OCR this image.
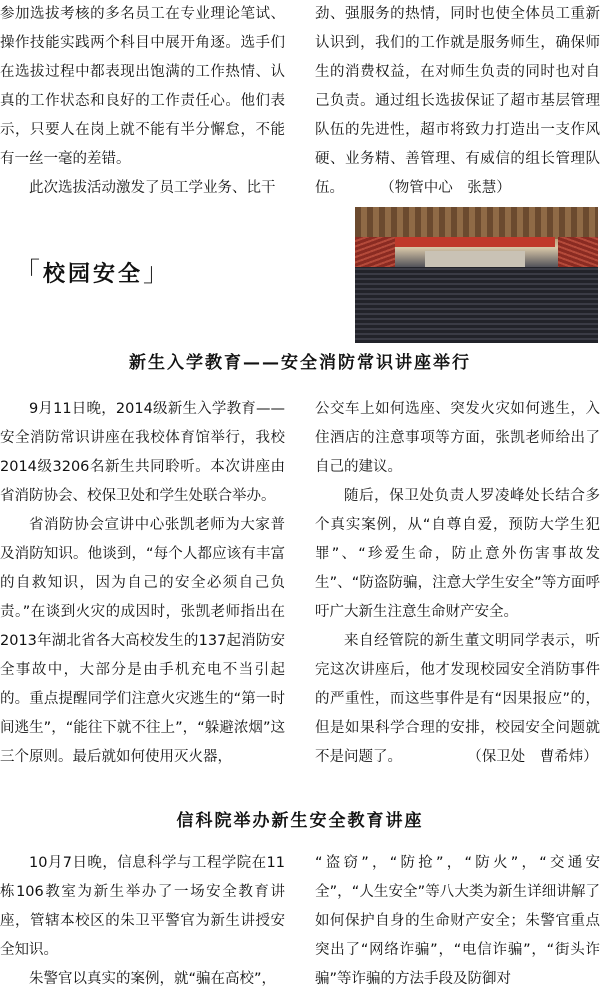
参加选拔考核的多名员工在专业理论笔试、操作技能实践两个科目中展开角逐。选手们在选拔过程中都表现出饱满的工作热情、认真的工作状态和良好的工作责任心。他们表示，只要人在岗上就不能有半分懈怠，不能有一丝一毫的差错。

此次选拔活动激发了员工学业务、比干

劲、强服务的热情，同时也使全体员工重新认识到，我们的工作就是服务师生，确保师生的消费权益，在对师生负责的同时也对自己负责。通过组长选拔保证了超市基层管理队伍的先进性，超市将致力打造出一支作风硬、业务精、善管理、有威信的组长管理队伍。　　　	（物管中心　张慧）

「校园安全」
新生入学教育——安全消防常识讲座举行

9月11日晚，2014级新生入学教育——安全消防常识讲座在我校体育馆举行，我校2014级3206名新生共同聆听。本次讲座由省消防协会、校保卫处和学生处联合举办。

省消防协会宣讲中心张凯老师为大家普及消防知识。他谈到，“每个人都应该有丰富的自救知识，因为自己的安全必须自己负责。”在谈到火灾的成因时，张凯老师指出在2013年湖北省各大高校发生的137起消防安全事故中，大部分是由手机充电不当引起的。重点提醒同学们注意火灾逃生的“第一时间逃生”，“能往下就不往上”，“躲避浓烟”这三个原则。最后就如何使用灭火器，

公交车上如何选座、突发火灾如何逃生，入住酒店的注意事项等方面，张凯老师给出了自己的建议。

随后，保卫处负责人罗凌峰处长结合多个真实案例，从“自尊自爱，预防大学生犯罪”、“珍爱生命，防止意外伤害事故发生”、“防盗防骗，注意大学生安全”等方面呼吁广大新生注意生命财产安全。

来自经管院的新生董文明同学表示，听完这次讲座后，他才发现校园安全消防事件的严重性，而这些事件是有“因果报应”的，但是如果科学合理的安排，校园安全问题就不是问题了。　　　	（保卫处　曹希炜）

信科院举办新生安全教育讲座

10月7日晚，信息科学与工程学院在11栋106教室为新生举办了一场安全教育讲座，管辖本校区的朱卫平警官为新生讲授安全知识。

朱警官以真实的案例，就“骗在高校”，

“盗窃”，“防抢”，“防火”，“交通安全”，“人生安全”等八大类为新生详细讲解了如何保护自身的生命财产安全；朱警官重点突出了“网络诈骗”，“电信诈骗”，“街头诈骗”等诈骗的方法手段及防御对
